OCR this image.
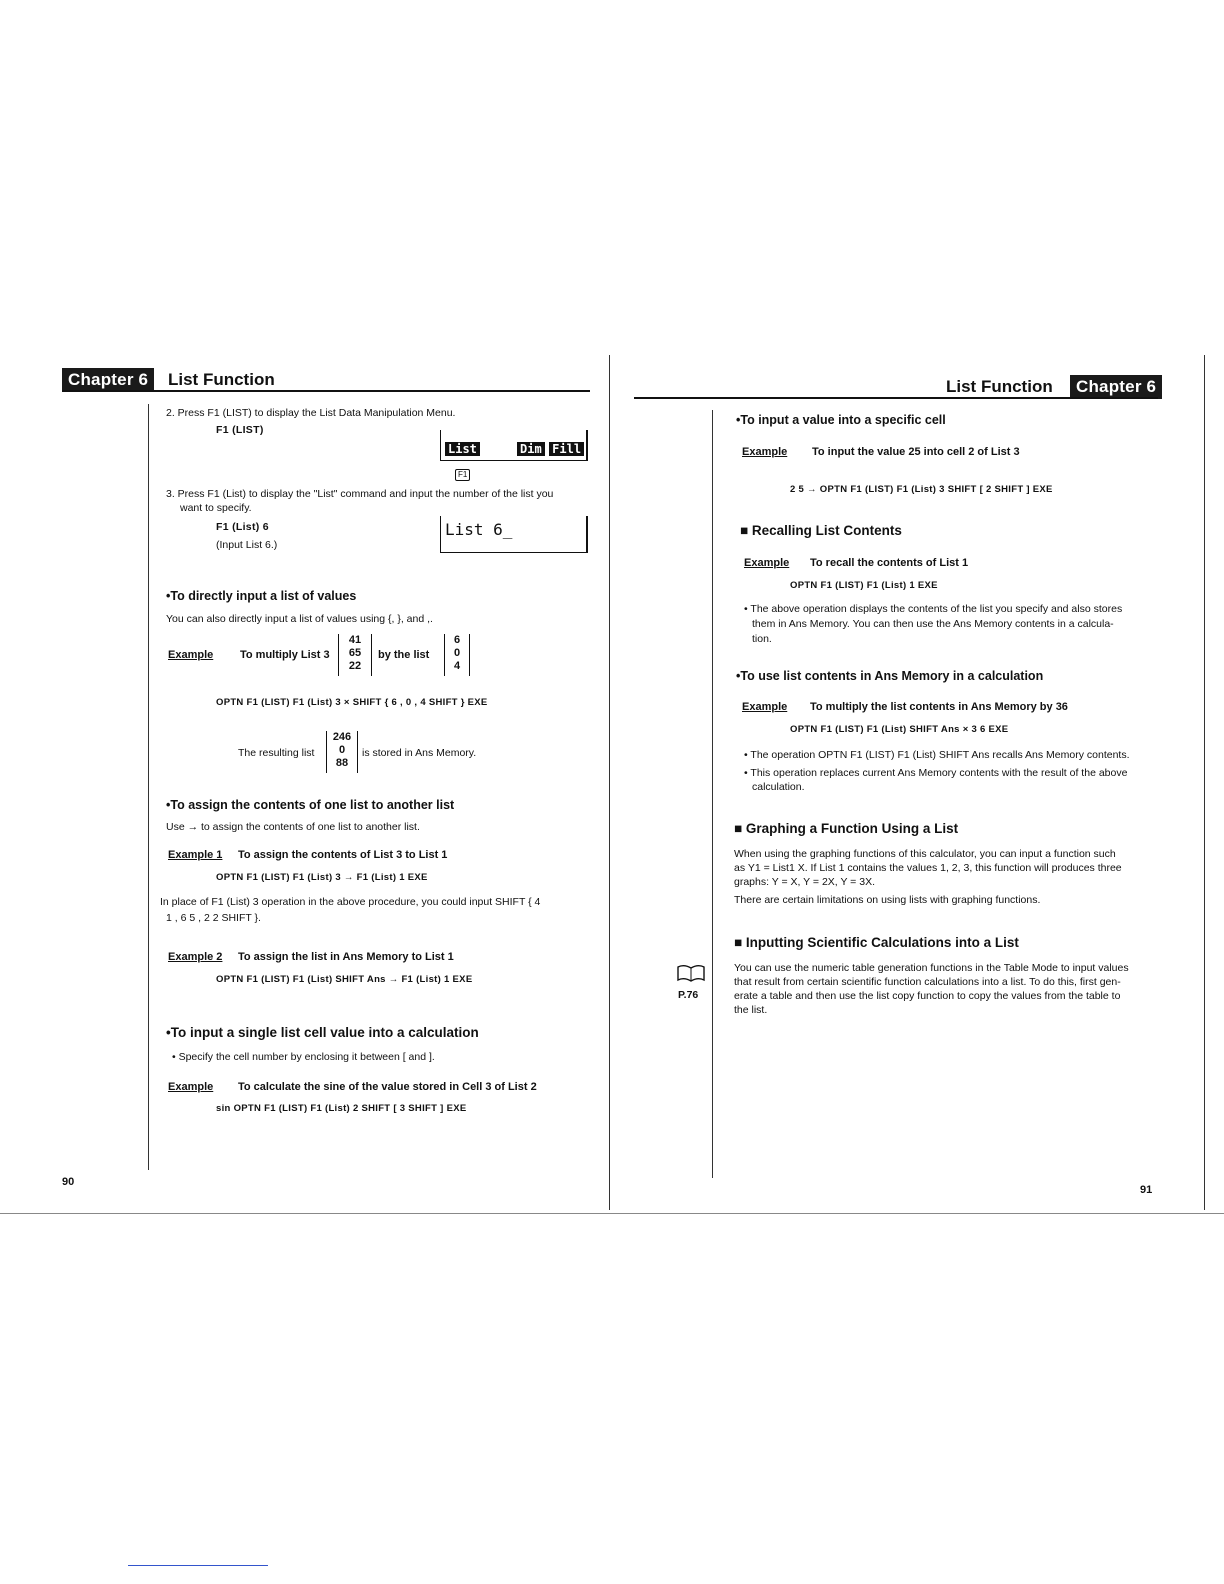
Chapter 6	List Function
2. Press F1 (LIST) to display the List Data Manipulation Menu.
F1 (LIST)
List	Dim Fill
F1
3. Press F1 (List) to display the "List" command and input the number of the list you
want to specify.
F1 (List) 6
(Input List 6.)
List 6_
•To directly input a list of values
You can also directly input a list of values using {, }, and ,.
Example To multiply List 3
41
65
22
by the list
6
0
4
OPTN F1 (LIST) F1 (List) 3 × SHIFT { 6 , 0 , 4 SHIFT } EXE
The resulting list
246
0
88
is stored in Ans Memory.
•To assign the contents of one list to another list
Use → to assign the contents of one list to another list.
Example 1 To assign the contents of List 3 to List 1
OPTN F1 (LIST) F1 (List) 3 → F1 (List) 1 EXE
In place of F1 (List) 3 operation in the above procedure, you could input SHIFT { 4
1 , 6 5 , 2 2 SHIFT }.
Example 2 To assign the list in Ans Memory to List 1
OPTN F1 (LIST) F1 (List) SHIFT Ans → F1 (List) 1 EXE
•To input a single list cell value into a calculation
• Specify the cell number by enclosing it between [ and ].
Example To calculate the sine of the value stored in Cell 3 of List 2
sin OPTN F1 (LIST) F1 (List) 2 SHIFT [ 3 SHIFT ] EXE
90
List Function	Chapter 6
•To input a value into a specific cell
Example To input the value 25 into cell 2 of List 3
2 5 → OPTN F1 (LIST) F1 (List) 3 SHIFT [ 2 SHIFT ] EXE
■ Recalling List Contents
Example To recall the contents of List 1
OPTN F1 (LIST) F1 (List) 1 EXE
• The above operation displays the contents of the list you specify and also stores
them in Ans Memory. You can then use the Ans Memory contents in a calcula-
tion.
•To use list contents in Ans Memory in a calculation
Example To multiply the list contents in Ans Memory by 36
OPTN F1 (LIST) F1 (List) SHIFT Ans × 3 6 EXE
• The operation OPTN F1 (LIST) F1 (List) SHIFT Ans recalls Ans Memory contents.
• This operation replaces current Ans Memory contents with the result of the above
calculation.
■ Graphing a Function Using a List
When using the graphing functions of this calculator, you can input a function such
as Y1 = List1 X. If List 1 contains the values 1, 2, 3, this function will produces three
graphs: Y = X, Y = 2X, Y = 3X.
There are certain limitations on using lists with graphing functions.
■ Inputting Scientific Calculations into a List
P.76
You can use the numeric table generation functions in the Table Mode to input values
that result from certain scientific function calculations into a list. To do this, first gen-
erate a table and then use the list copy function to copy the values from the table to
the list.
91
